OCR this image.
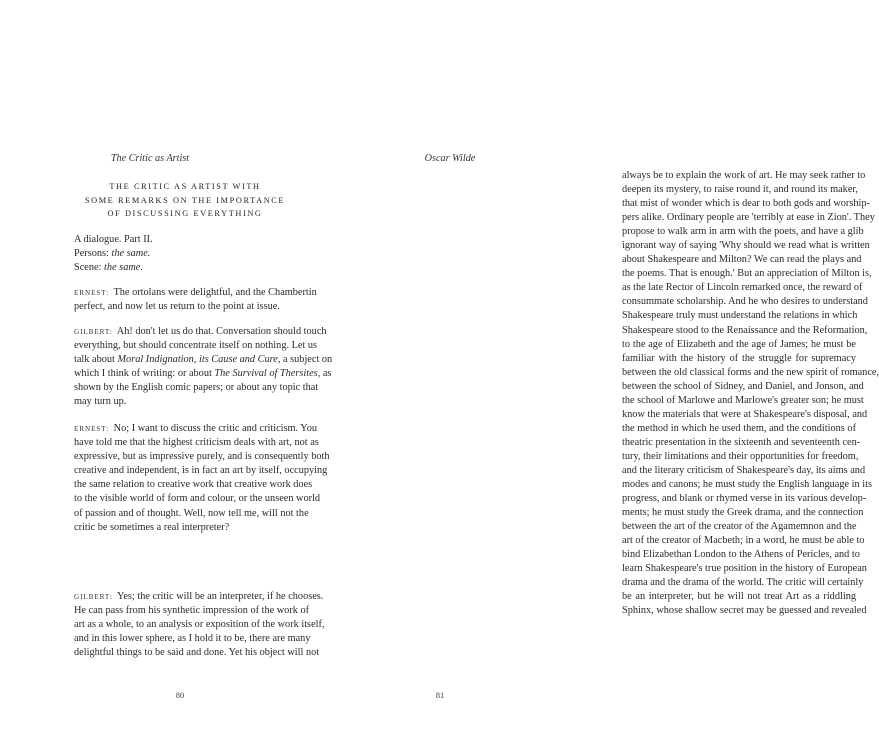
The Critic as Artist
THE CRITIC AS ARTIST WITH
SOME REMARKS ON THE IMPORTANCE
OF DISCUSSING EVERYTHING
A dialogue. Part II.
Persons: the same.
Scene: the same.
ERNEST: The ortolans were delightful, and the Chambertin
perfect, and now let us return to the point at issue.
GILBERT: Ah! don't let us do that. Conversation should touch
everything, but should concentrate itself on nothing. Let us
talk about Moral Indignation, its Cause and Cure, a subject on
which I think of writing: or about The Survival of Thersites, as
shown by the English comic papers; or about any topic that
may turn up.
ERNEST: No; I want to discuss the critic and criticism. You
have told me that the highest criticism deals with art, not as
expressive, but as impressive purely, and is consequently both
creative and independent, is in fact an art by itself, occupying
the same relation to creative work that creative work does
to the visible world of form and colour, or the unseen world
of passion and of thought. Well, now tell me, will not the
critic be sometimes a real interpreter?
GILBERT: Yes; the critic will be an interpreter, if he chooses.
He can pass from his synthetic impression of the work of
art as a whole, to an analysis or exposition of the work itself,
and in this lower sphere, as I hold it to be, there are many
delightful things to be said and done. Yet his object will not
80
Oscar Wilde
always be to explain the work of art. He may seek rather to
deepen its mystery, to raise round it, and round its maker,
that mist of wonder which is dear to both gods and worship-
pers alike. Ordinary people are 'terribly at ease in Zion'. They
propose to walk arm in arm with the poets, and have a glib
ignorant way of saying 'Why should we read what is written
about Shakespeare and Milton? We can read the plays and
the poems. That is enough.' But an appreciation of Milton is,
as the late Rector of Lincoln remarked once, the reward of
consummate scholarship. And he who desires to understand
Shakespeare truly must understand the relations in which
Shakespeare stood to the Renaissance and the Reformation,
to the age of Elizabeth and the age of James; he must be
familiar with the history of the struggle for supremacy
between the old classical forms and the new spirit of romance,
between the school of Sidney, and Daniel, and Jonson, and
the school of Marlowe and Marlowe's greater son; he must
know the materials that were at Shakespeare's disposal, and
the method in which he used them, and the conditions of
theatric presentation in the sixteenth and seventeenth cen-
tury, their limitations and their opportunities for freedom,
and the literary criticism of Shakespeare's day, its aims and
modes and canons; he must study the English language in its
progress, and blank or rhymed verse in its various develop-
ments; he must study the Greek drama, and the connection
between the art of the creator of the Agamemnon and the
art of the creator of Macbeth; in a word, he must be able to
bind Elizabethan London to the Athens of Pericles, and to
learn Shakespeare's true position in the history of European
drama and the drama of the world. The critic will certainly
be an interpreter, but he will not treat Art as a riddling
Sphinx, whose shallow secret may be guessed and revealed
81
